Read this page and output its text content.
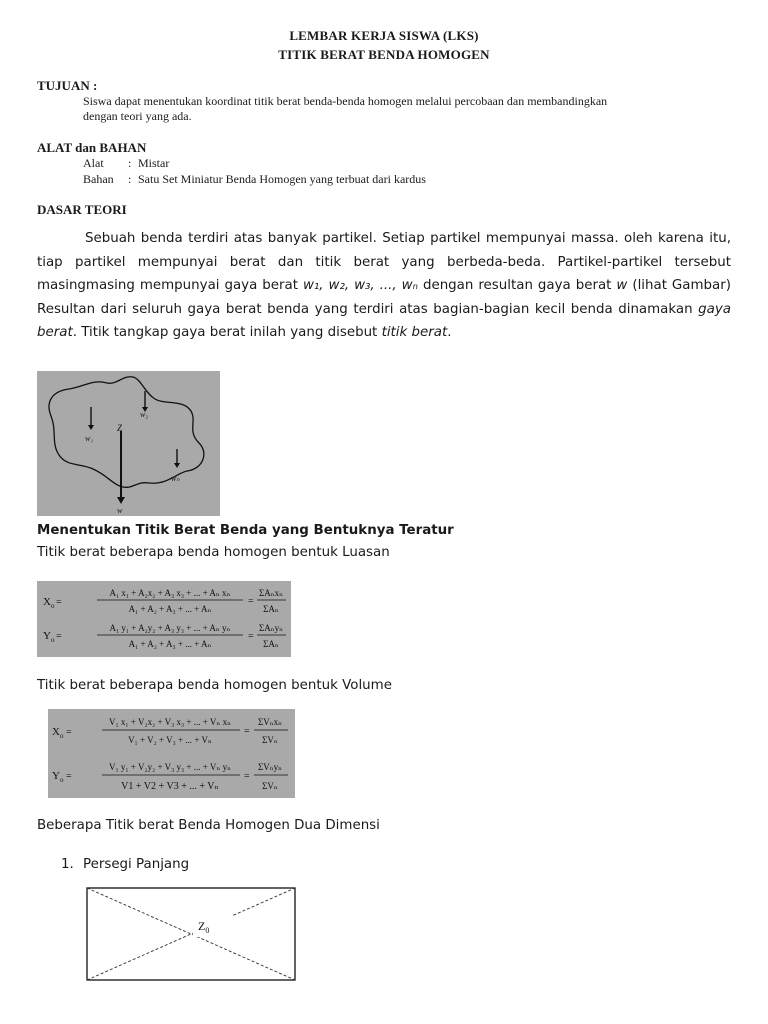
LEMBAR KERJA SISWA (LKS)
TITIK BERAT BENDA HOMOGEN
TUJUAN :
Siswa dapat menentukan koordinat titik berat benda-benda homogen melalui percobaan dan membandingkan
dengan teori yang ada.
ALAT dan BAHAN
Alat : Mistar
Bahan : Satu Set Miniatur Benda Homogen yang terbuat dari kardus
DASAR TEORI

Sebuah benda terdiri atas banyak partikel. Setiap partikel mempunyai massa. oleh karena itu, tiap partikel mempunyai berat dan titik berat yang berbeda-beda. Partikel-partikel tersebut masingmasing mempunyai gaya berat w₁, w₂, w₃, ..., wₙ dengan resultan gaya berat w (lihat Gambar) Resultan dari seluruh gaya berat benda yang terdiri atas bagian-bagian kecil benda dinamakan gaya berat. Titik tangkap gaya berat inilah yang disebut titik berat.

w₂
w₁
Z
wₙ
w
Menentukan Titik Berat Benda yang Bentuknya Teratur
Titik berat beberapa benda homogen bentuk Luasan
$X_o$ =
A₁ x₁ + A₂x₂ + A₃ x₃ + ... + Aₙ xₙ
A₁ + A₂ + A₃ + ... + Aₙ
=
ΣAₙxₙ
ΣAₙ
$Y_o$ =
A₁ y₁ + A₂y₂ + A₃ y₃ + ... + Aₙ yₙ
A₁ + A₂ + A₃ + ... + Aₙ
=
ΣAₙyₙ
ΣAₙ
Titik berat beberapa benda homogen bentuk Volume
$X_o$ =
V₁ x₁ + V₂x₂ + V₃ x₃ + ... + Vₙ xₙ
V₁ + V₂ + V₃ + ... + Vₙ
=
ΣVₙxₙ
ΣVₙ
$Y_o$ =
V₁ y₁ + V₂y₂ + V₃ y₃ + ... + Vₙ yₙ
V1 + V2 + V3 + ... + Vₙ
=
ΣVₙyₙ
ΣVₙ
Beberapa Titik berat Benda Homogen Dua Dimensi
1. Persegi Panjang
$Z_0$
